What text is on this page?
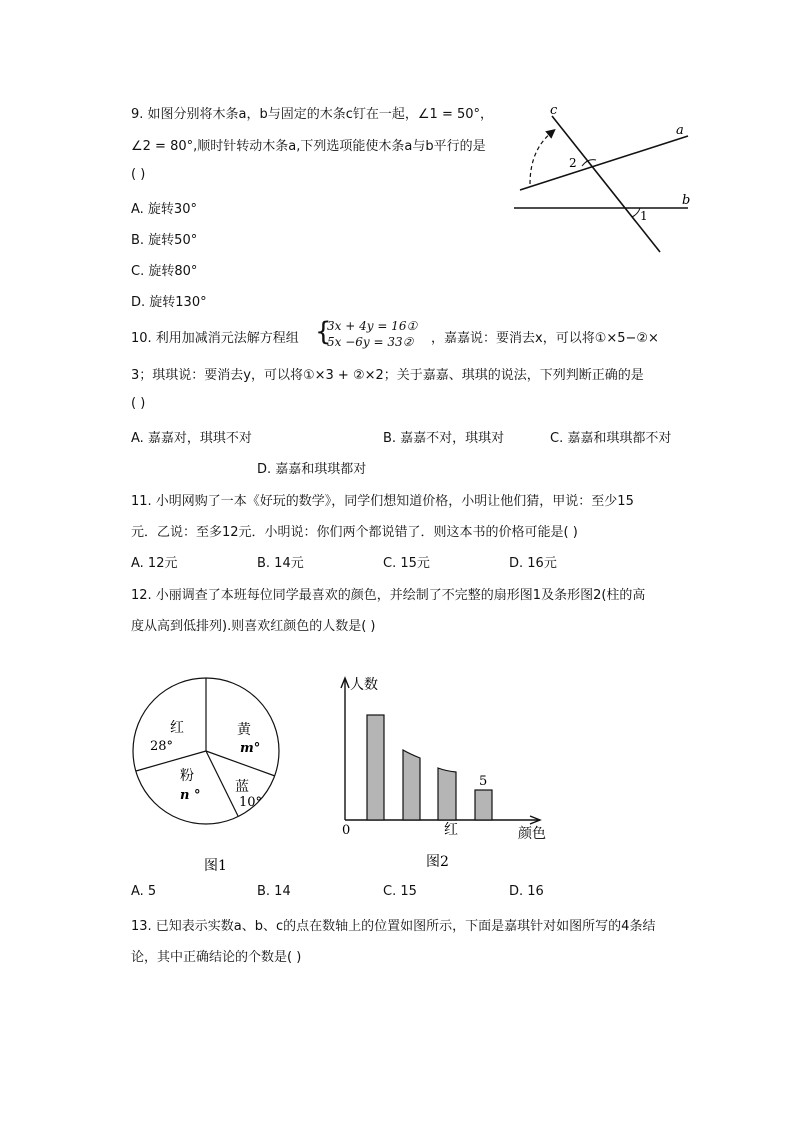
9. 如图分别将木条a，b与固定的木条c钉在一起，∠1 = 50°，
∠2 = 80°,顺时针转动木条a,下列选项能使木条a与b平行的是
( )
A. 旋转30°
B. 旋转50°
C. 旋转80°
D. 旋转130°
c
a
b
2
1
10. 利用加减消元法解方程组 {
3x + 4y = 16①
5x −6y = 33② ，嘉嘉说：要消去x，可以将①×5−②×
3；琪琪说：要消去y，可以将①×3 + ②×2；关于嘉嘉、琪琪的说法，下列判断正确的是
( )
A. 嘉嘉对，琪琪不对	B. 嘉嘉不对，琪琪对	C. 嘉嘉和琪琪都不对
D. 嘉嘉和琪琪都对
11. 小明网购了一本《好玩的数学》，同学们想知道价格，小明让他们猜，甲说：至少15
元．乙说：至多12元．小明说：你们两个都说错了．则这本书的价格可能是( )
A. 12元	B. 14元	C. 15元	D. 16元
12. 小丽调查了本班每位同学最喜欢的颜色，并绘制了不完整的扇形图1及条形图2(柱的高
度从高到低排列).则喜欢红颜色的人数是( )
红
28°
黄
m°
粉
n °
蓝
10°
图1
人数
颜色
0	红
5
图2
A. 5	B. 14	C. 15	D. 16
13. 已知表示实数a、b、c的点在数轴上的位置如图所示，下面是嘉琪针对如图所写的4条结
论，其中正确结论的个数是( )
